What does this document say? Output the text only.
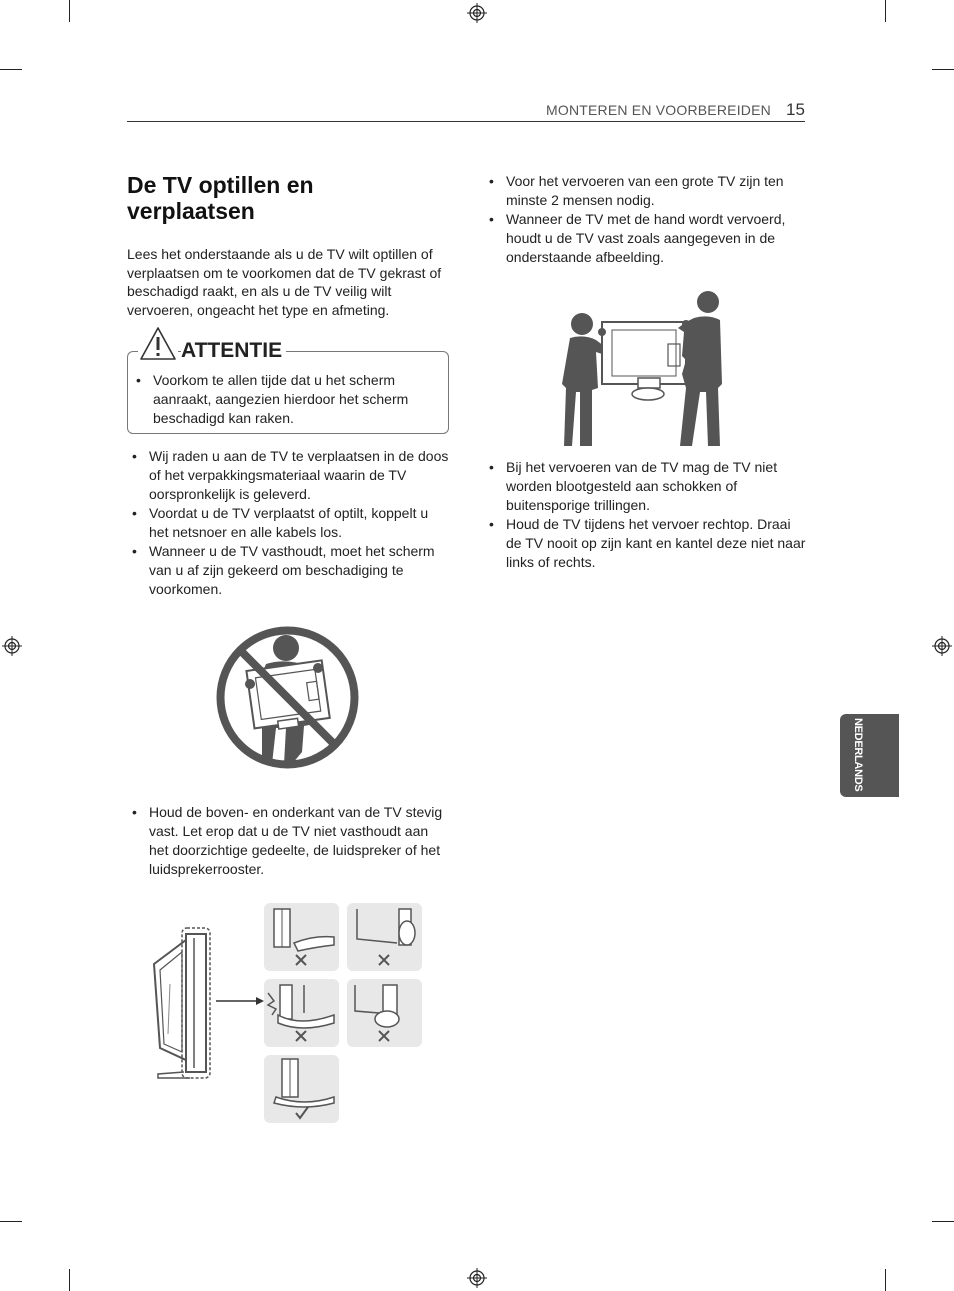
MONTEREN EN VOORBEREIDEN 15
De TV optillen en verplaatsen
Lees het onderstaande als u de TV wilt optillen of verplaatsen om te voorkomen dat de TV gekrast of beschadigd raakt, en als u de TV veilig wilt vervoeren, ongeacht het type en afmeting.
ATTENTIE
• Voorkom te allen tijde dat u het scherm aanraakt, aangezien hierdoor het scherm beschadigd kan raken.
• Wij raden u aan de TV te verplaatsen in de doos of het verpakkingsmateriaal waarin de TV oorspronkelijk is geleverd.
• Voordat u de TV verplaatst of optilt, koppelt u het netsnoer en alle kabels los.
• Wanneer u de TV vasthoudt, moet het scherm van u af zijn gekeerd om beschadiging te voorkomen.
• Houd de boven- en onderkant van de TV stevig vast. Let erop dat u de TV niet vasthoudt aan het doorzichtige gedeelte, de luidspreker of het luidsprekerrooster.
• Voor het vervoeren van een grote TV zijn ten minste 2 mensen nodig.
• Wanneer de TV met de hand wordt vervoerd, houdt u de TV vast zoals aangegeven in de onderstaande afbeelding.
• Bij het vervoeren van de TV mag de TV niet worden blootgesteld aan schokken of buitensporige trillingen.
• Houd de TV tijdens het vervoer rechtop. Draai de TV nooit op zijn kant en kantel deze niet naar links of rechts.
NEDERLANDS
